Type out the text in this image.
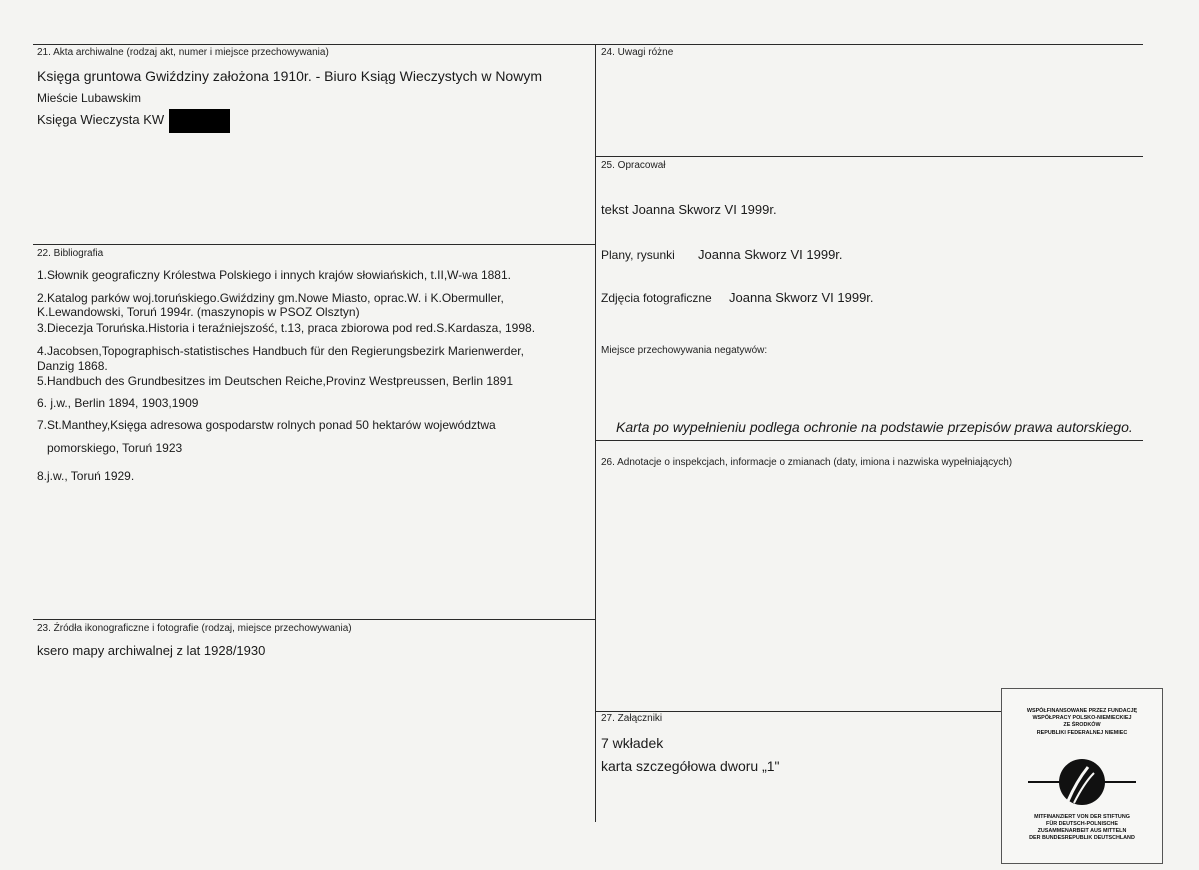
21. Akta archiwalne (rodzaj akt, numer i miejsce przechowywania)
Księga gruntowa Gwiździny założona 1910r. - Biuro Ksiąg Wieczystych w Nowym
Mieście Lubawskim
Księga Wieczysta KW
22. Bibliografia
1.Słownik geograficzny Królestwa Polskiego i innych krajów słowiańskich, t.II,W-wa 1881.
2.Katalog parków woj.toruńskiego.Gwiździny gm.Nowe Miasto, oprac.W. i K.Obermuller,
K.Lewandowski, Toruń 1994r. (maszynopis w PSOZ Olsztyn)
3.Diecezja Toruńska.Historia i teraźniejszość, t.13, praca zbiorowa pod red.S.Kardasza, 1998.
4.Jacobsen,Topographisch-statistisches Handbuch für den Regierungsbezirk Marienwerder,
Danzig 1868.
5.Handbuch des Grundbesitzes im Deutschen Reiche,Provinz Westpreussen, Berlin 1891
6. j.w., Berlin 1894, 1903,1909
7.St.Manthey,Księga adresowa gospodarstw rolnych ponad 50 hektarów województwa
pomorskiego, Toruń 1923
8.j.w., Toruń 1929.
23. Źródła ikonograficzne i fotografie (rodzaj, miejsce przechowywania)
ksero mapy archiwalnej z lat 1928/1930
24. Uwagi różne
25. Opracował
tekst Joanna Skworz VI 1999r.
Plany, rysunki Joanna Skworz VI 1999r.
Zdjęcia fotograficzne Joanna Skworz VI 1999r.
Miejsce przechowywania negatywów:
Karta po wypełnieniu podlega ochronie na podstawie przepisów prawa autorskiego.
26. Adnotacje o inspekcjach, informacje o zmianach (daty, imiona i nazwiska wypełniających)
27. Załączniki
7 wkładek
karta szczegółowa dworu „1"
WSPÓŁFINANSOWANE PRZEZ FUNDACJĘ
WSPÓŁPRACY POLSKO-NIEMIECKIEJ
ZE ŚRODKÓW
REPUBLIKI FEDERALNEJ NIEMIEC
MITFINANZIERT VON DER STIFTUNG
FÜR DEUTSCH-POLNISCHE
ZUSAMMENARBEIT AUS MITTELN
DER BUNDESREPUBLIK DEUTSCHLAND
